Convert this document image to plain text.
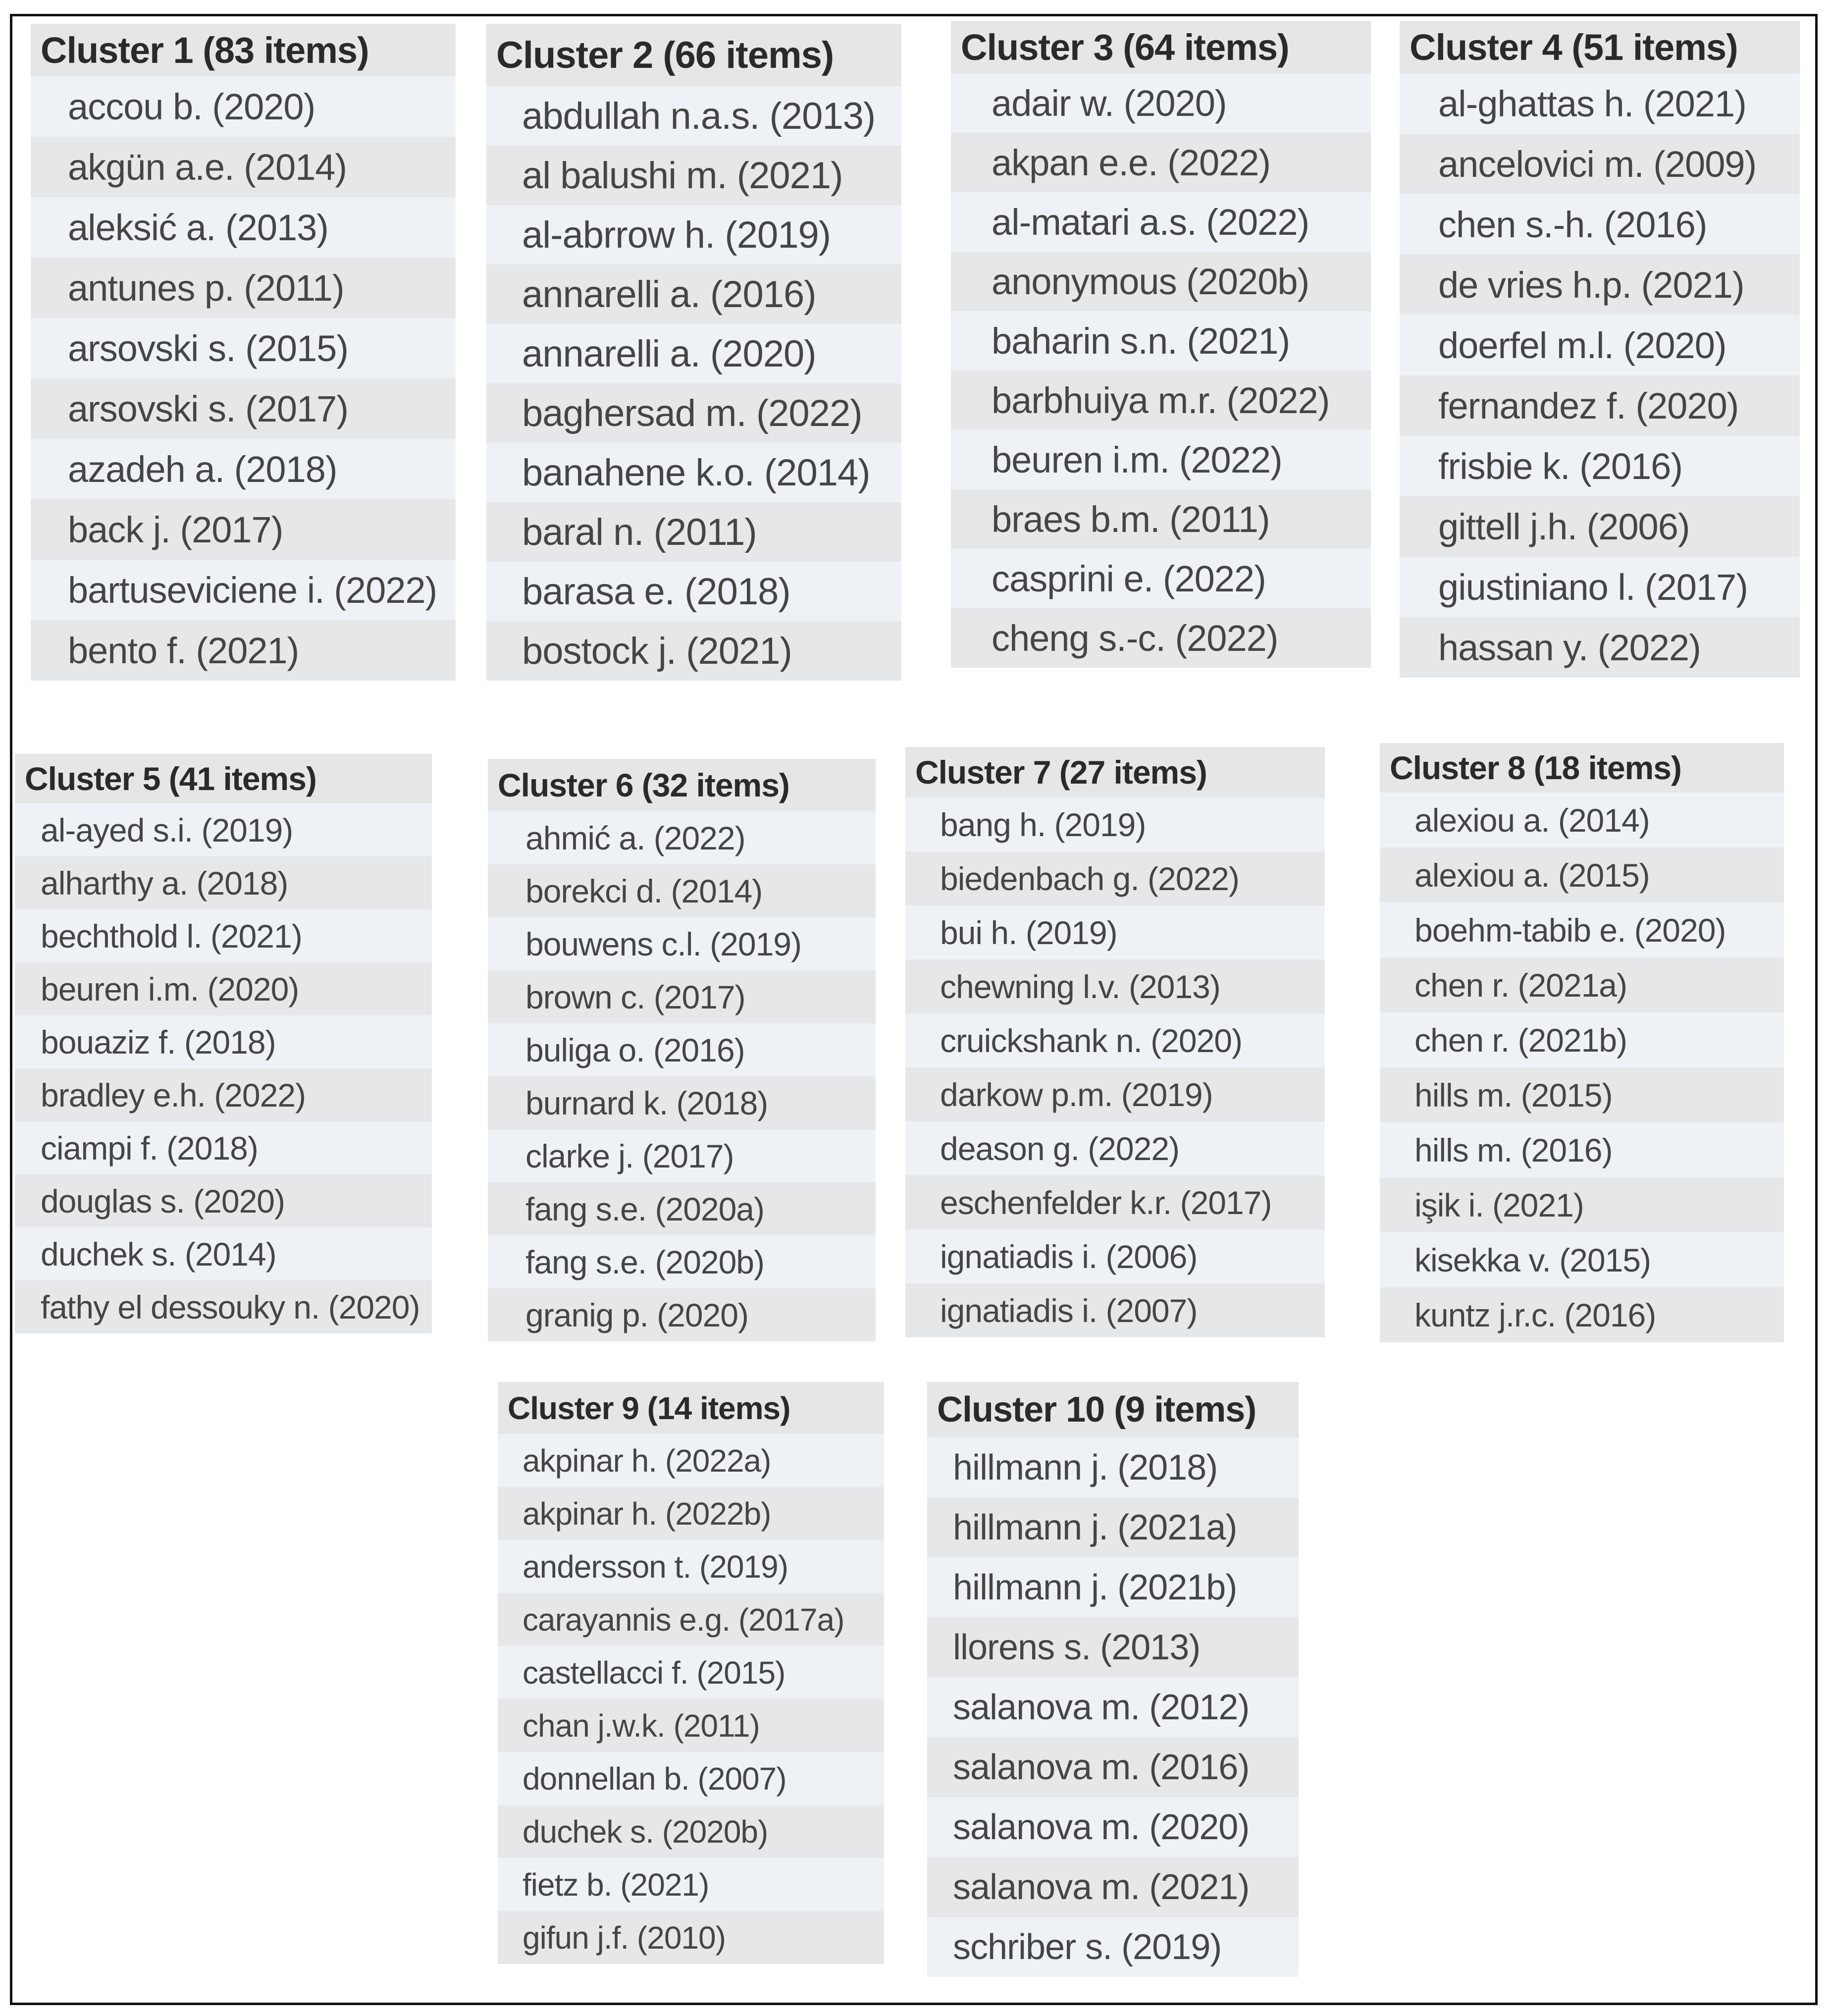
Cluster 1 (83 items)
accou b. (2020)
akgün a.e. (2014)
aleksić a. (2013)
antunes p. (2011)
arsovski s. (2015)
arsovski s. (2017)
azadeh a. (2018)
back j. (2017)
bartuseviciene i. (2022)
bento f. (2021)
Cluster 2 (66 items)
abdullah n.a.s. (2013)
al balushi m. (2021)
al-abrrow h. (2019)
annarelli a. (2016)
annarelli a. (2020)
baghersad m. (2022)
banahene k.o. (2014)
baral n. (2011)
barasa e. (2018)
bostock j. (2021)
Cluster 3 (64 items)
adair w. (2020)
akpan e.e. (2022)
al-matari a.s. (2022)
anonymous (2020b)
baharin s.n. (2021)
barbhuiya m.r. (2022)
beuren i.m. (2022)
braes b.m. (2011)
casprini e. (2022)
cheng s.-c. (2022)
Cluster 4 (51 items)
al-ghattas h. (2021)
ancelovici m. (2009)
chen s.-h. (2016)
de vries h.p. (2021)
doerfel m.l. (2020)
fernandez f. (2020)
frisbie k. (2016)
gittell j.h. (2006)
giustiniano l. (2017)
hassan y. (2022)
Cluster 5 (41 items)
al-ayed s.i. (2019)
alharthy a. (2018)
bechthold l. (2021)
beuren i.m. (2020)
bouaziz f. (2018)
bradley e.h. (2022)
ciampi f. (2018)
douglas s. (2020)
duchek s. (2014)
fathy el dessouky n. (2020)
Cluster 6 (32 items)
ahmić a. (2022)
borekci d. (2014)
bouwens c.l. (2019)
brown c. (2017)
buliga o. (2016)
burnard k. (2018)
clarke j. (2017)
fang s.e. (2020a)
fang s.e. (2020b)
granig p. (2020)
Cluster 7 (27 items)
bang h. (2019)
biedenbach g. (2022)
bui h. (2019)
chewning l.v. (2013)
cruickshank n. (2020)
darkow p.m. (2019)
deason g. (2022)
eschenfelder k.r. (2017)
ignatiadis i. (2006)
ignatiadis i. (2007)
Cluster 8 (18 items)
alexiou a. (2014)
alexiou a. (2015)
boehm-tabib e. (2020)
chen r. (2021a)
chen r. (2021b)
hills m. (2015)
hills m. (2016)
işik i. (2021)
kisekka v. (2015)
kuntz j.r.c. (2016)
Cluster 9 (14 items)
akpinar h. (2022a)
akpinar h. (2022b)
andersson t. (2019)
carayannis e.g. (2017a)
castellacci f. (2015)
chan j.w.k. (2011)
donnellan b. (2007)
duchek s. (2020b)
fietz b. (2021)
gifun j.f. (2010)
Cluster 10 (9 items)
hillmann j. (2018)
hillmann j. (2021a)
hillmann j. (2021b)
llorens s. (2013)
salanova m. (2012)
salanova m. (2016)
salanova m. (2020)
salanova m. (2021)
schriber s. (2019)
